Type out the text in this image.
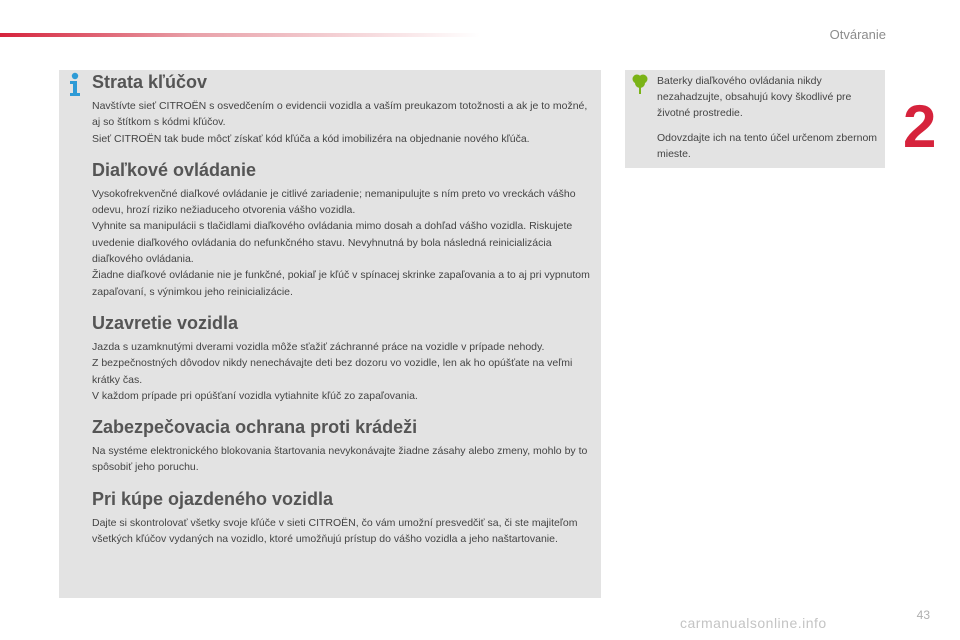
Otváranie
2
Strata kľúčov

Navštívte sieť CITROËN s osvedčením o evidencii vozidla a vaším preukazom totožnosti a ak je to možné, aj so štítkom s kódmi kľúčov.
Sieť CITROËN tak bude môcť získať kód kľúča a kód imobilizéra na objednanie nového kľúča.

Diaľkové ovládanie

Vysokofrekvenčné diaľkové ovládanie je citlivé zariadenie; nemanipulujte s ním preto vo vreckách vášho odevu, hrozí riziko nežiaduceho otvorenia vášho vozidla.
Vyhnite sa manipulácii s tlačidlami diaľkového ovládania mimo dosah a dohľad vášho vozidla. Riskujete uvedenie diaľkového ovládania do nefunkčného stavu. Nevyhnutná by bola následná reinicializácia diaľkového ovládania.
Žiadne diaľkové ovládanie nie je funkčné, pokiaľ je kľúč v spínacej skrinke zapaľovania a to aj pri vypnutom zapaľovaní, s výnimkou jeho reinicializácie.

Uzavretie vozidla

Jazda s uzamknutými dverami vozidla môže sťažiť záchranné práce na vozidle v prípade nehody.
Z bezpečnostných dôvodov nikdy nenechávajte deti bez dozoru vo vozidle, len ak ho opúšťate na veľmi krátky čas.
V každom prípade pri opúšťaní vozidla vytiahnite kľúč zo zapaľovania.

Zabezpečovacia ochrana proti krádeži

Na systéme elektronického blokovania štartovania nevykonávajte žiadne zásahy alebo zmeny, mohlo by to spôsobiť jeho poruchu.

Pri kúpe ojazdeného vozidla

Dajte si skontrolovať všetky svoje kľúče v sieti CITROËN, čo vám umožní presvedčiť sa, či ste majiteľom všetkých kľúčov vydaných na vozidlo, ktoré umožňujú prístup do vášho vozidla a jeho naštartovanie.

Baterky diaľkového ovládania nikdy nezahadzujte, obsahujú kovy škodlivé pre životné prostredie.

Odovzdajte ich na tento účel určenom zbernom mieste.

43
carmanualsonline.info
